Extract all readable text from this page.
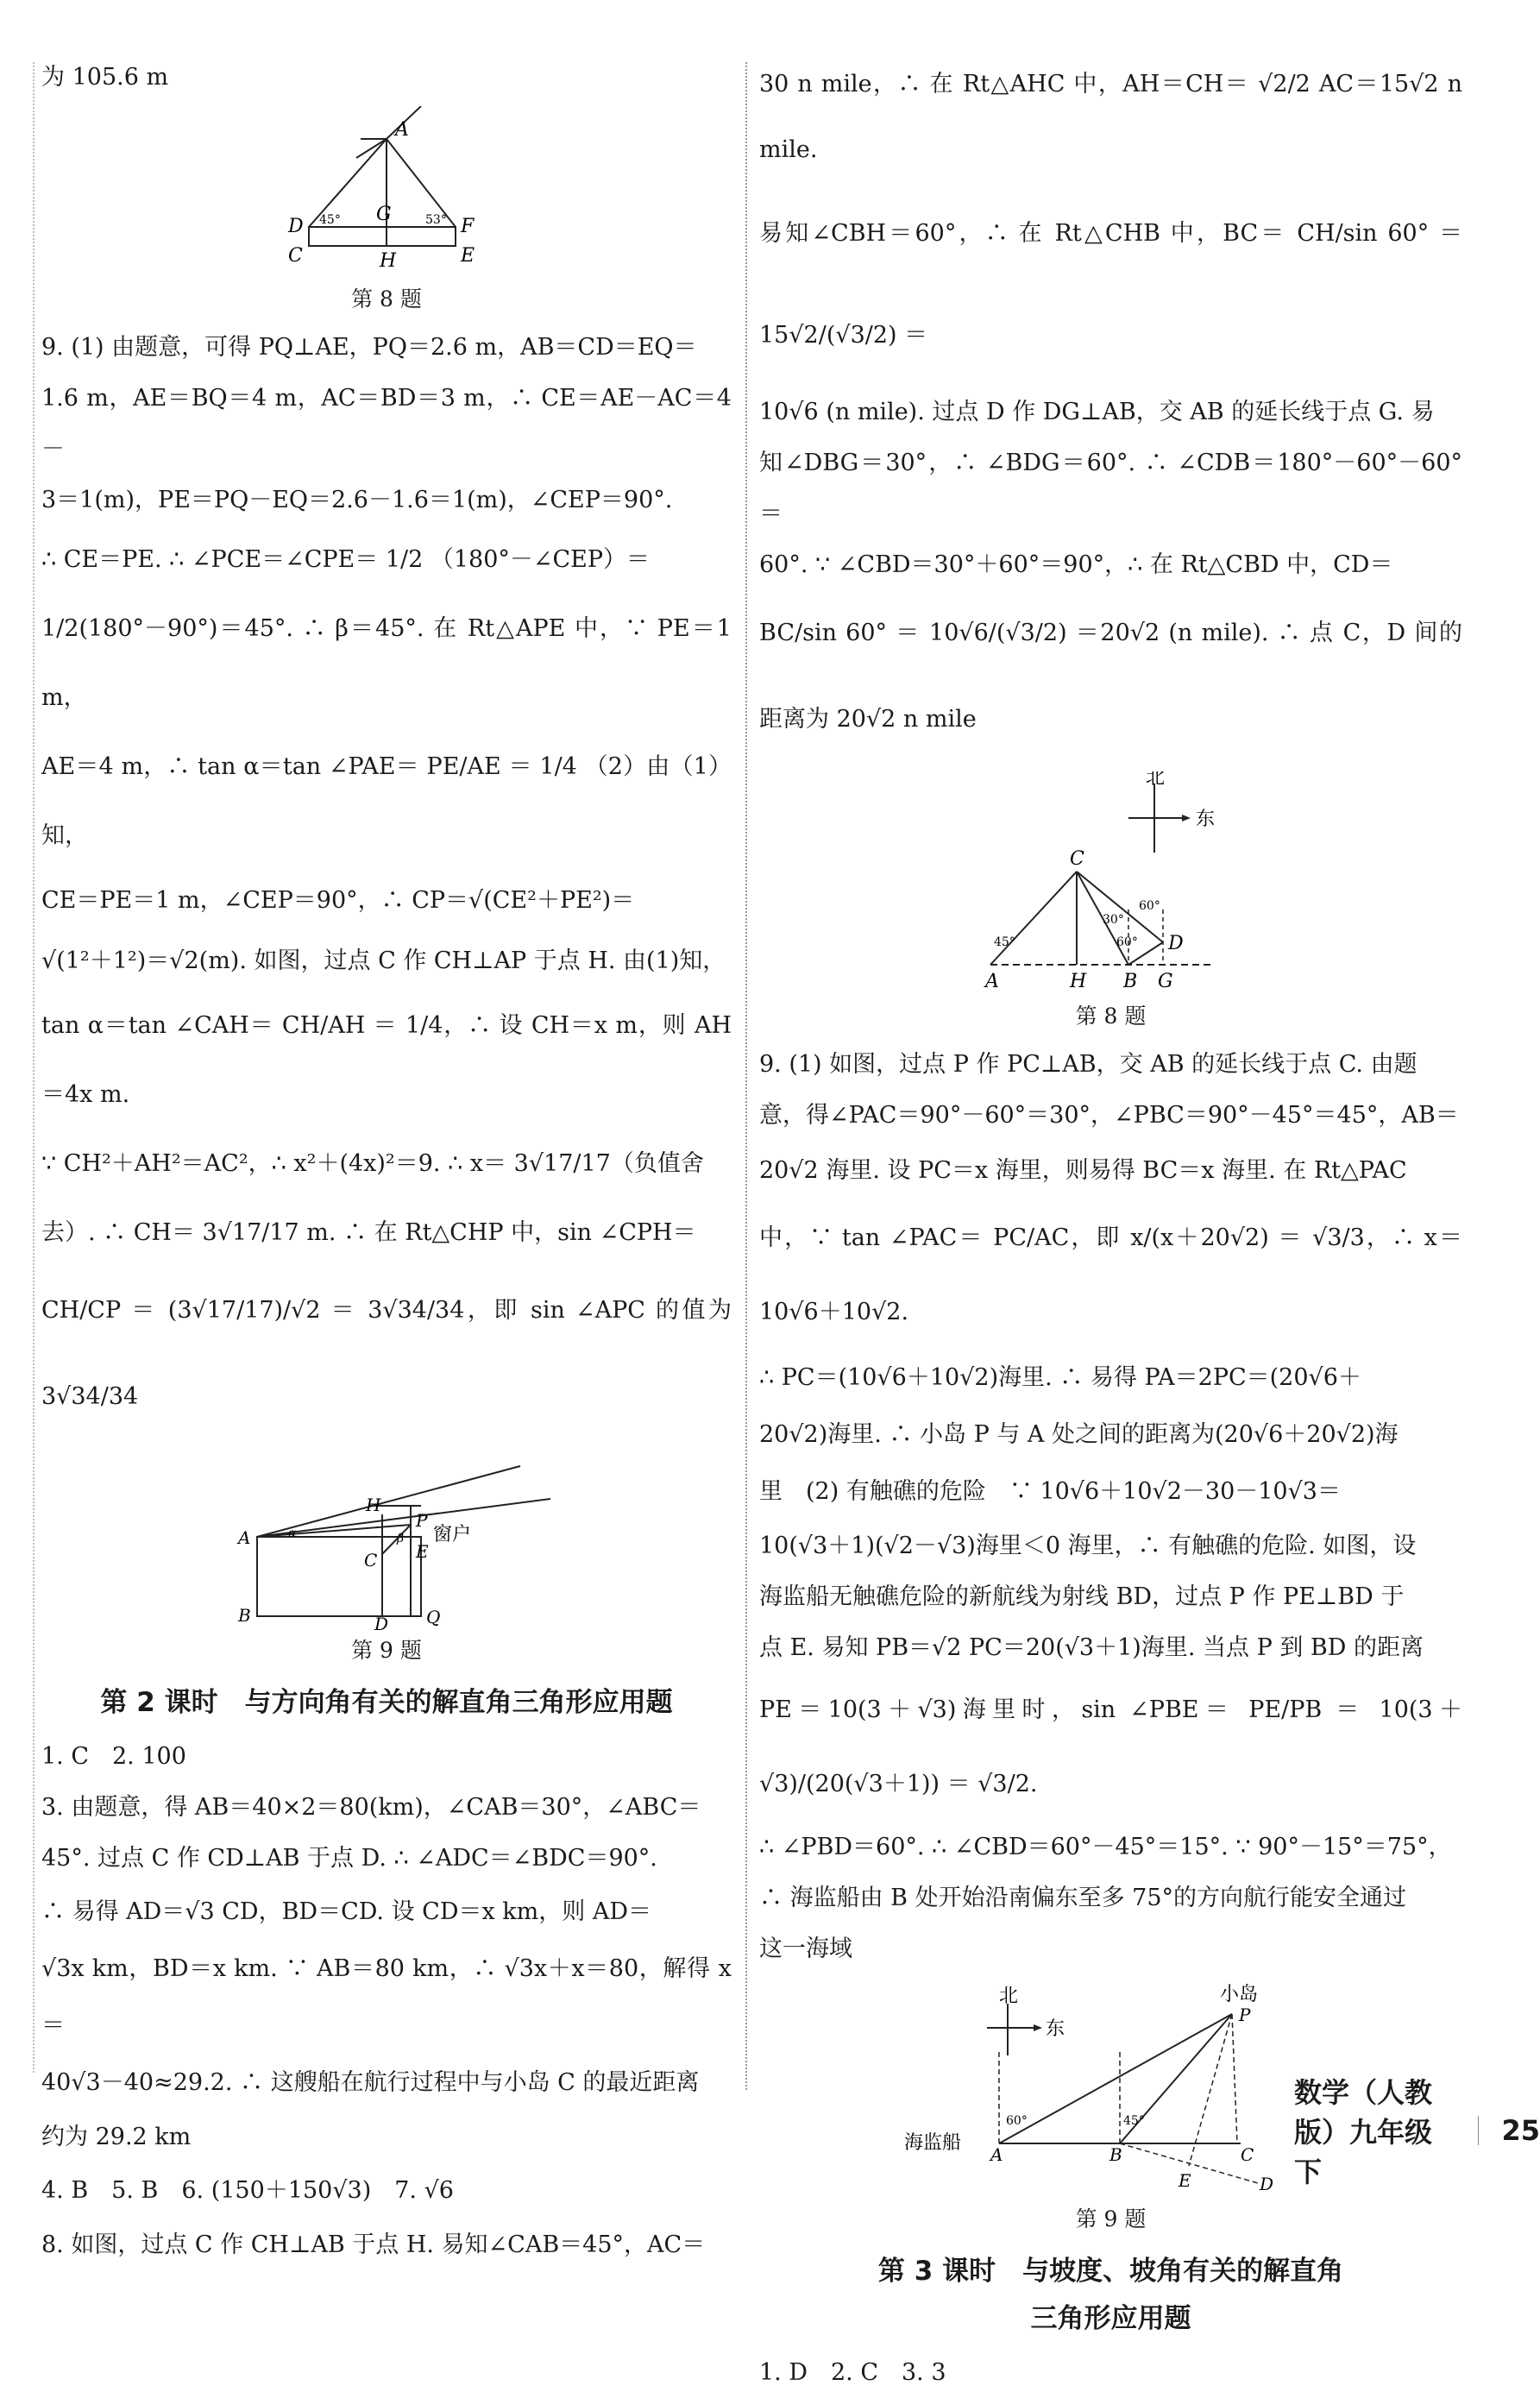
为 105.6 m

A
D
G
F
C	H	E
45°	53°
第 8 题

9. (1) 由题意，可得 PQ⊥AE，PQ＝2.6 m，AB＝CD＝EQ＝

1.6 m，AE＝BQ＝4 m，AC＝BD＝3 m，∴ CE＝AE－AC＝4－

3＝1(m)，PE＝PQ－EQ＝2.6－1.6＝1(m)，∠CEP＝90°.

∴ CE＝PE. ∴ ∠PCE＝∠CPE＝ 1/2 （180°－∠CEP）＝

1/2(180°－90°)＝45°. ∴ β＝45°. 在 Rt△APE 中，∵ PE＝1 m，

AE＝4 m，∴ tan α＝tan ∠PAE＝ PE/AE ＝ 1/4 （2）由（1）知，

CE＝PE＝1 m，∠CEP＝90°，∴ CP＝√(CE²＋PE²)＝

√(1²＋1²)＝√2(m). 如图，过点 C 作 CH⊥AP 于点 H. 由(1)知，

tan α＝tan ∠CAH＝ CH/AH ＝ 1/4，∴ 设 CH＝x m，则 AH＝4x m.

∵ CH²＋AH²＝AC²，∴ x²＋(4x)²＝9. ∴ x＝ 3√17/17（负值舍

去）. ∴ CH＝ 3√17/17 m. ∴ 在 Rt△CHP 中，sin ∠CPH＝

CH/CP ＝ (3√17/17)/√2 ＝ 3√34/34，即 sin ∠APC 的值为 3√34/34

H
P
A
C E
B	D Q
窗户
α	β
第 9 题
第 2 课时　与方向角有关的解直角三角形应用题

1. C　2. 100

3. 由题意，得 AB＝40×2＝80(km)，∠CAB＝30°，∠ABC＝

45°. 过点 C 作 CD⊥AB 于点 D. ∴ ∠ADC＝∠BDC＝90°.

∴ 易得 AD＝√3 CD，BD＝CD. 设 CD＝x km，则 AD＝

√3x km，BD＝x km. ∵ AB＝80 km，∴ √3x＋x＝80，解得 x＝

40√3－40≈29.2. ∴ 这艘船在航行过程中与小岛 C 的最近距离

约为 29.2 km

4. B　5. B　6. (150＋150√3)　7. √6

8. 如图，过点 C 作 CH⊥AB 于点 H. 易知∠CAB＝45°，AC＝

30 n mile，∴ 在 Rt△AHC 中，AH＝CH＝ √2/2 AC＝15√2 n mile.

易知∠CBH＝60°，∴ 在 Rt△CHB 中，BC＝ CH/sin 60° ＝ 15√2/(√3/2) ＝

10√6 (n mile). 过点 D 作 DG⊥AB，交 AB 的延长线于点 G. 易

知∠DBG＝30°，∴ ∠BDG＝60°. ∴ ∠CDB＝180°－60°－60°＝

60°. ∵ ∠CBD＝30°＋60°＝90°，∴ 在 Rt△CBD 中，CD＝

BC/sin 60° ＝ 10√6/(√3/2) ＝20√2 (n mile). ∴ 点 C，D 间的距离为 20√2 n mile

北
东
C
A	H B G
D
45°
30°
60°
60°
第 8 题

9. (1) 如图，过点 P 作 PC⊥AB，交 AB 的延长线于点 C. 由题

意，得∠PAC＝90°－60°＝30°，∠PBC＝90°－45°＝45°，AB＝

20√2 海里. 设 PC＝x 海里，则易得 BC＝x 海里. 在 Rt△PAC

中，∵ tan ∠PAC＝ PC/AC，即 x/(x＋20√2) ＝ √3/3，∴ x＝10√6＋10√2.

∴ PC＝(10√6＋10√2)海里. ∴ 易得 PA＝2PC＝(20√6＋

20√2)海里. ∴ 小岛 P 与 A 处之间的距离为(20√6＋20√2)海

里　(2) 有触礁的危险　∵ 10√6＋10√2－30－10√3＝

10(√3＋1)(√2－√3)海里＜0 海里，∴ 有触礁的危险. 如图，设

海监船无触礁危险的新航线为射线 BD，过点 P 作 PE⊥BD 于

点 E. 易知 PB＝√2 PC＝20(√3＋1)海里. 当点 P 到 BD 的距离

PE＝10(3＋√3)海里时，sin ∠PBE＝ PE/PB ＝ 10(3＋√3)/(20(√3＋1)) ＝ √3/2.

∴ ∠PBD＝60°. ∴ ∠CBD＝60°－45°＝15°. ∵ 90°－15°＝75°，

∴ 海监船由 B 处开始沿南偏东至多 75°的方向航行能安全通过

这一海域

北
东
小岛
P
海监船
A	B	C
E	D
60°	45°
第 9 题
第 3 课时　与坡度、坡角有关的解直角
三角形应用题

1. D　2. C　3. 3

数学（人教版）九年级下
25
